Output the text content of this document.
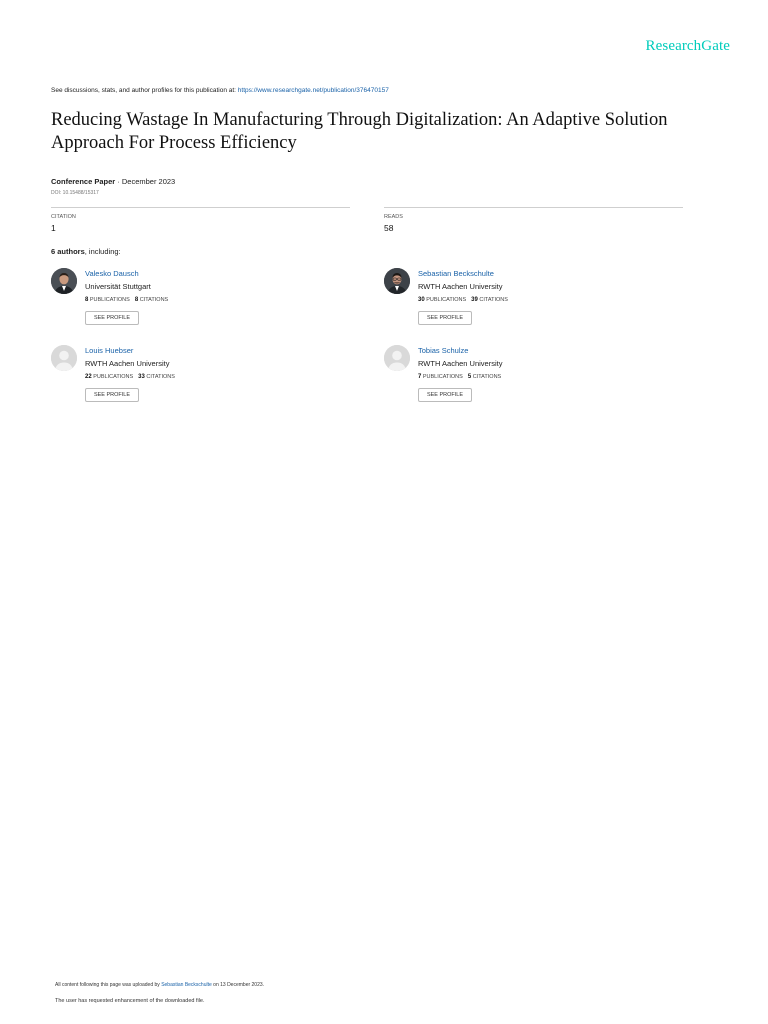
ResearchGate
See discussions, stats, and author profiles for this publication at: https://www.researchgate.net/publication/376470157
Reducing Wastage In Manufacturing Through Digitalization: An Adaptive Solution Approach For Process Efficiency
Conference Paper · December 2023
DOI: 10.15488/15317
CITATION
1
READS
58
6 authors, including:
Valesko Dausch
Universität Stuttgart
8 PUBLICATIONS 8 CITATIONS
SEE PROFILE
Sebastian Beckschulte
RWTH Aachen University
30 PUBLICATIONS 39 CITATIONS
SEE PROFILE
Louis Huebser
RWTH Aachen University
22 PUBLICATIONS 33 CITATIONS
SEE PROFILE
Tobias Schulze
RWTH Aachen University
7 PUBLICATIONS 5 CITATIONS
SEE PROFILE
All content following this page was uploaded by Sebastian Beckschulte on 13 December 2023.
The user has requested enhancement of the downloaded file.
